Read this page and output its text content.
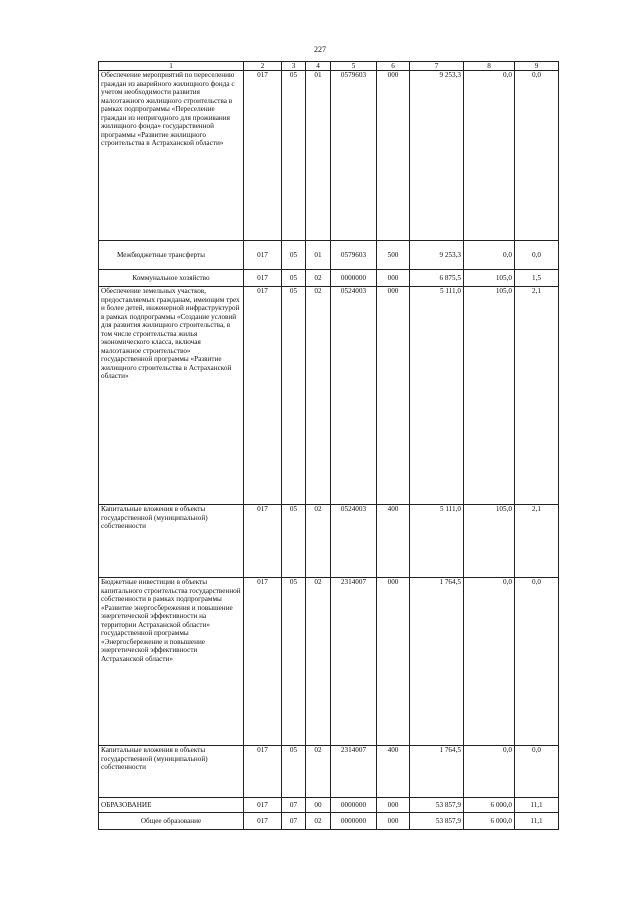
227
1	2	3	4	5	6	7	8	9
Обеспечение мероприятий по переселению граждан из аварийного жилищного фонда с учетом необходимости развития малоэтажного жилищного строительства в рамках подпрограммы «Переселение граждан из непригодного для проживания жилищного фонда» государственной программы «Развитие жилищного строительства в Астраханской области»	017	05	01	0579603	000	9 253,3	0,0	0,0
Межбюджетные трансферты	017	05	01	0579603	500	9 253,3	0,0	0,0
Коммунальное хозяйство	017	05	02	0000000	000	6 875,5	105,0	1,5
Обеспечение земельных участков, предоставляемых гражданам, имеющим трех и более детей, инженерной инфраструктурой в рамках подпрограммы «Создание условий для развития жилищного строительства, в том числе строительства жилья экономического класса, включая малоэтажное строительство» государственной программы «Развитие жилищного строительства в Астраханской области»	017	05	02	0524003	000	5 111,0	105,0	2,1
Капитальные вложения в объекты государственной (муниципальной) собственности	017	05	02	0524003	400	5 111,0	105,0	2,1
Бюджетные инвестиции в объекты капитального строительства государственной собственности в рамках подпрограммы «Развитие энергосбережения и повышение энергетической эффективности на территории Астраханской области» государственной программы «Энергосбережение и повышение энергетической эффективности Астраханской области»	017	05	02	2314007	000	1 764,5	0,0	0,0
Капитальные вложения в объекты государственной (муниципальной) собственности	017	05	02	2314007	400	1 764,5	0,0	0,0
ОБРАЗОВАНИЕ	017	07	00	0000000	000	53 857,9	6 000,0	11,1
Общее образование	017	07	02	0000000	000	53 857,9	6 000,0	11,1
